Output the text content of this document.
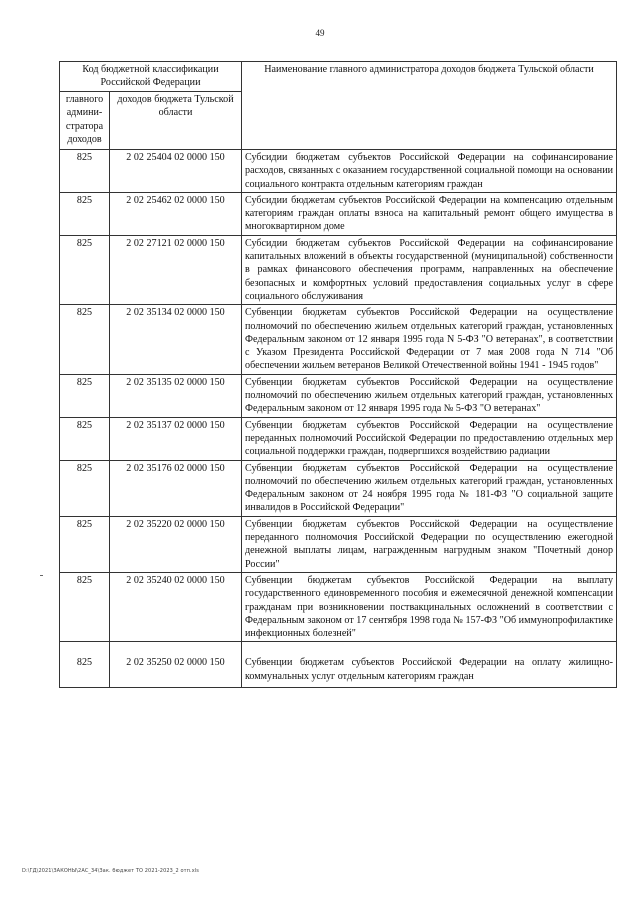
49
Код бюджетной классификации Российской Федерации		Наименование главного администратора доходов бюджета Тульской области
главного админи-стратора доходов	доходов бюджета Тульской области	
825	2 02 25404 02 0000 150	Субсидии бюджетам субъектов Российской Федерации на софинансирование расходов, связанных с оказанием государственной социальной помощи на основании социального контракта отдельным категориям граждан
825	2 02 25462 02 0000 150	Субсидии бюджетам субъектов Российской Федерации на компенсацию отдельным категориям граждан оплаты взноса на капитальный ремонт общего имущества в многоквартирном доме
825	2 02 27121 02 0000 150	Субсидии бюджетам субъектов Российской Федерации на софинансирование капитальных вложений в объекты государственной (муниципальной) собственности в рамках финансового обеспечения программ, направленных на обеспечение безопасных и комфортных условий предоставления социальных услуг в сфере социального обслуживания
825	2 02 35134 02 0000 150	Субвенции бюджетам субъектов Российской Федерации на осуществление полномочий по обеспечению жильем отдельных категорий граждан, установленных Федеральным законом от 12 января 1995 года N 5-ФЗ "О ветеранах", в соответствии с Указом Президента Российской Федерации от 7 мая 2008 года N 714 "Об обеспечении жильем ветеранов Великой Отечественной войны 1941 - 1945 годов"
825	2 02 35135 02 0000 150	Субвенции бюджетам субъектов Российской Федерации на осуществление полномочий по обеспечению жильем отдельных категорий граждан, установленных Федеральным законом от 12 января 1995 года № 5-ФЗ "О ветеранах"
825	2 02 35137 02 0000 150	Субвенции бюджетам субъектов Российской Федерации на осуществление переданных полномочий Российской Федерации по предоставлению отдельных мер социальной поддержки граждан, подвергшихся воздействию радиации
825	2 02 35176 02 0000 150	Субвенции бюджетам субъектов Российской Федерации на осуществление полномочий по обеспечению жильем отдельных категорий граждан, установленных Федеральным законом от 24 ноября 1995 года № 181-ФЗ "О социальной защите инвалидов в Российской Федерации"
825	2 02 35220 02 0000 150	Субвенции бюджетам субъектов Российской Федерации на осуществление переданного полномочия Российской Федерации по осуществлению ежегодной денежной выплаты лицам, награжденным нагрудным знаком "Почетный донор России"
825	2 02 35240 02 0000 150	Субвенции бюджетам субъектов Российской Федерации на выплату государственного единовременного пособия и ежемесячной денежной компенсации гражданам при возникновении поствакцинальных осложнений в соответствии с Федеральным законом от 17 сентября 1998 года № 157-ФЗ "Об иммунопрофилактике инфекционных болезней"
825	2 02 35250 02 0000 150	Субвенции бюджетам субъектов Российской Федерации на оплату жилищно-коммунальных услуг отдельным категориям граждан
D:\ГД\2021\ЗАКОНЫ\2АС_34\Зак. бюджет ТО 2021-2023_2 отп.xls
